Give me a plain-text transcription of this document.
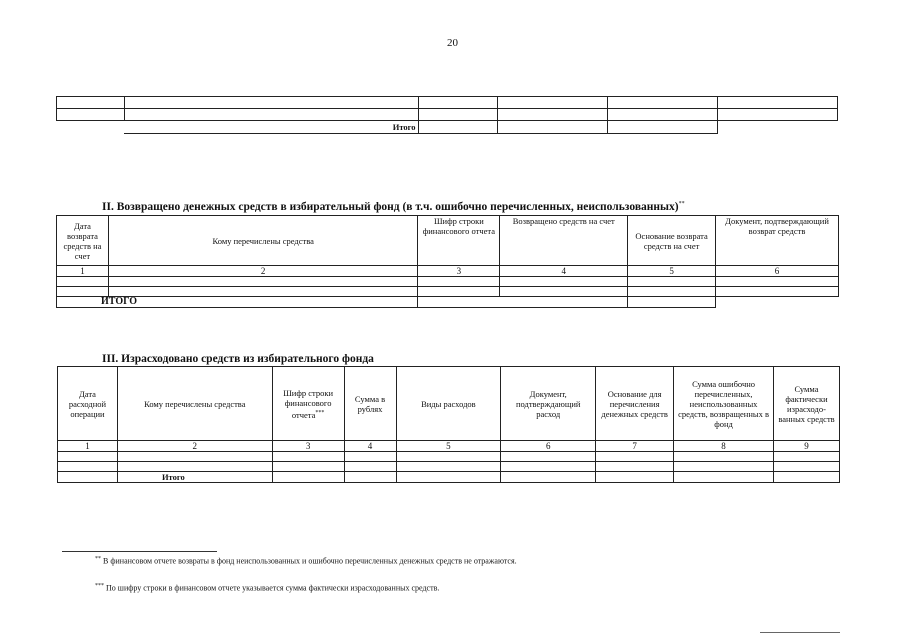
20

	Итого				
II. Возвращено денежных средств в избирательный фонд (в т.ч. ошибочно перечисленных, неиспользованных)**
Дата возврата средств на счет	Кому перечислены средства	Шифр строки финансового отчета	Возвращено средств на счет	Основание возврата средств на счет	Документ, подтверждающий возврат средств
1	2	3	4	5	6

ИТОГО					
III. Израсходовано средств из избирательного фонда
Дата расходной операции	Кому перечислены средства	Шифр строки финансового отчета***	Сумма в рублях	Виды расходов	Документ, подтверждающий расход	Основание для перечисления денежных средств	Сумма ошибочно перечисленных, неиспользованных средств, возвращенных в фонд	Сумма фактически израсходо-ванных средств
1	2	3	4	5	6	7	8	9

	Итого							
** В финансовом отчете возвраты в фонд неиспользованных и ошибочно перечисленных денежных средств не отражаются.
*** По шифру строки в финансовом отчете указывается сумма фактически израсходованных средств.
